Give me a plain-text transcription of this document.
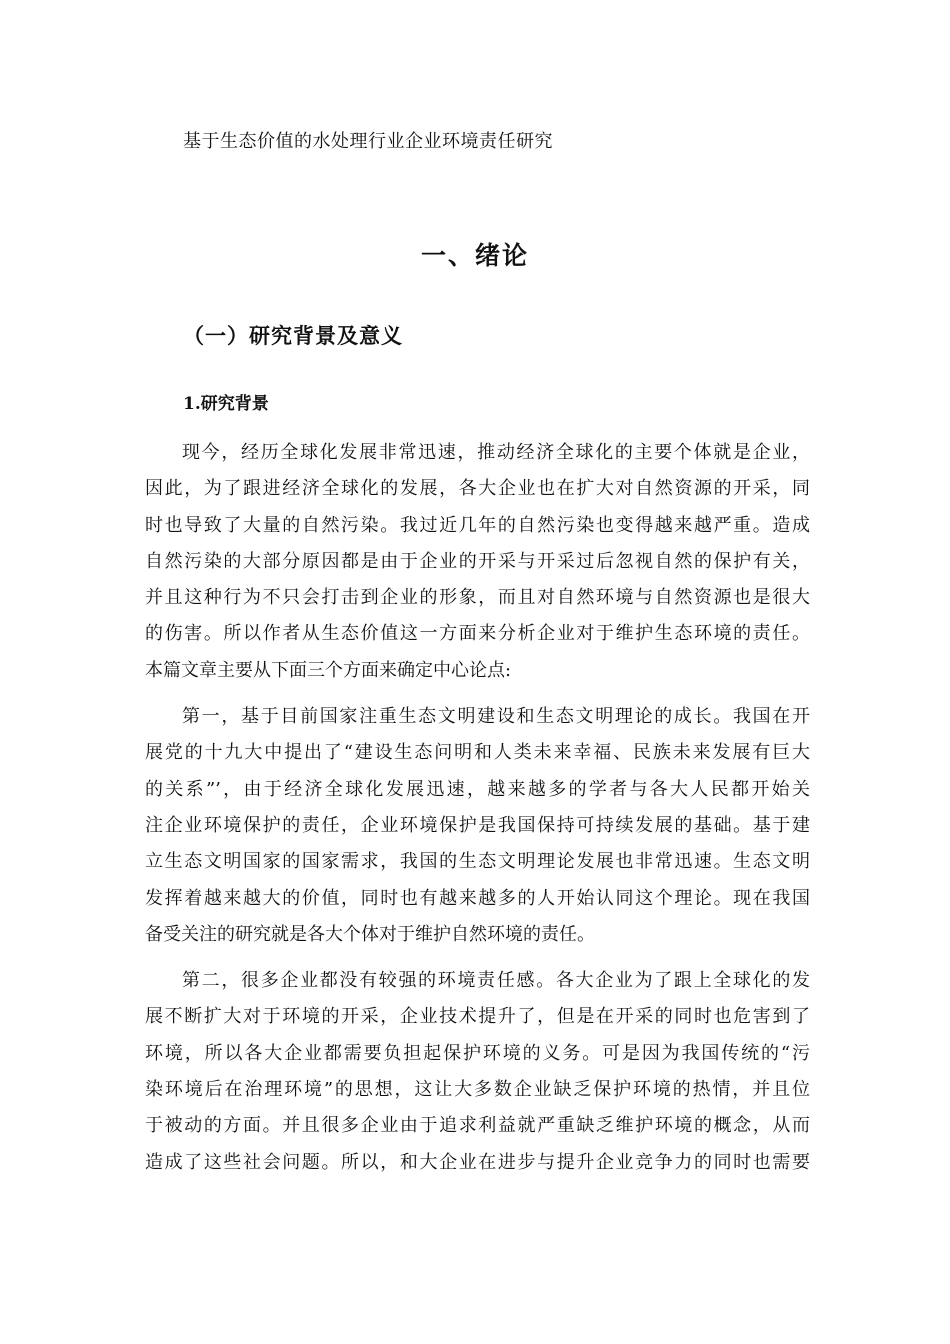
基于生态价值的水处理行业企业环境责任研究
一、绪论
（一）研究背景及意义
1.研究背景
现今，经历全球化发展非常迅速，推动经济全球化的主要个体就是企业，
因此，为了跟进经济全球化的发展，各大企业也在扩大对自然资源的开采，同
时也导致了大量的自然污染。我过近几年的自然污染也变得越来越严重。造成
自然污染的大部分原因都是由于企业的开采与开采过后忽视自然的保护有关，
并且这种行为不只会打击到企业的形象，而且对自然环境与自然资源也是很大
的伤害。所以作者从生态价值这一方面来分析企业对于维护生态环境的责任。
本篇文章主要从下面三个方面来确定中心论点:
第一，基于目前国家注重生态文明建设和生态文明理论的成长。我国在开
展党的十九大中提出了“建设生态问明和人类未来幸福、民族未来发展有巨大
的关系”’，由于经济全球化发展迅速，越来越多的学者与各大人民都开始关
注企业环境保护的责任，企业环境保护是我国保持可持续发展的基础。基于建
立生态文明国家的国家需求，我国的生态文明理论发展也非常迅速。生态文明
发挥着越来越大的价值，同时也有越来越多的人开始认同这个理论。现在我国
备受关注的研究就是各大个体对于维护自然环境的责任。
第二，很多企业都没有较强的环境责任感。各大企业为了跟上全球化的发
展不断扩大对于环境的开采，企业技术提升了，但是在开采的同时也危害到了
环境，所以各大企业都需要负担起保护环境的义务。可是因为我国传统的“污
染环境后在治理环境”的思想，这让大多数企业缺乏保护环境的热情，并且位
于被动的方面。并且很多企业由于追求利益就严重缺乏维护环境的概念，从而
造成了这些社会问题。所以，和大企业在进步与提升企业竞争力的同时也需要
